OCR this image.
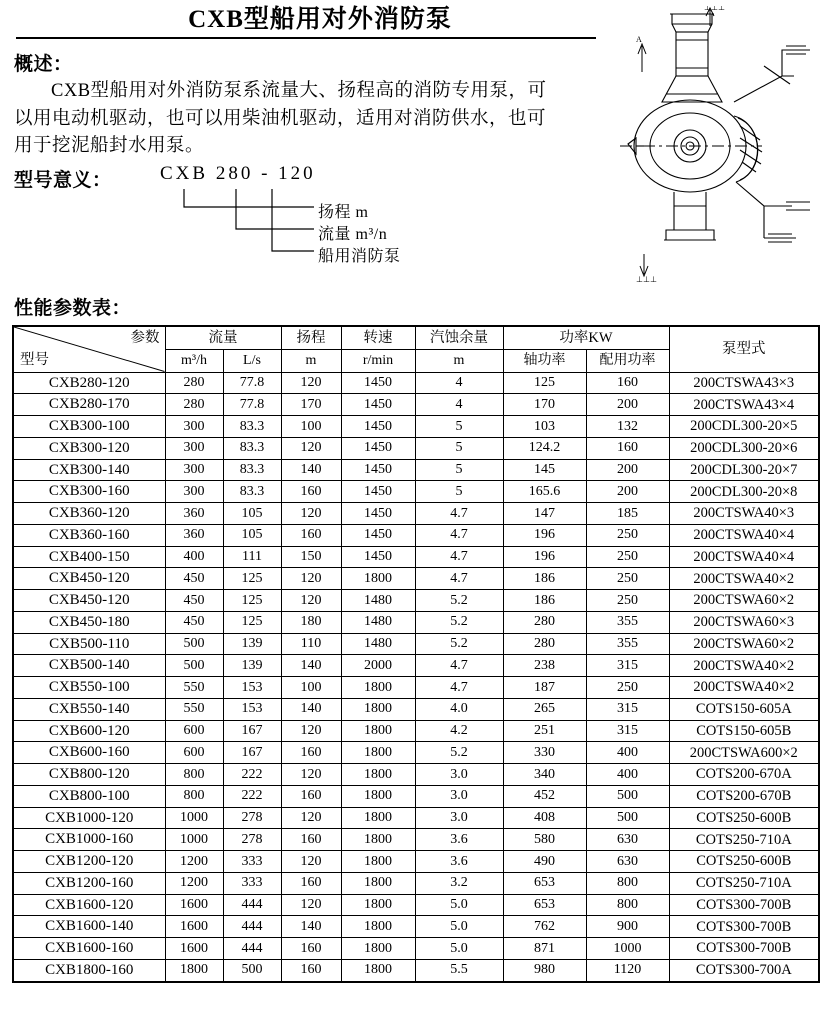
CXB型船用对外消防泵	⊥⊥⊥
A
⊥⊥⊥
概述：

CXB型船用对外消防泵系流量大、扬程高的消防专用泵，可以用电动机驱动，也可以用柴油机驱动，适用对消防供水，也可用于挖泥船封水用泵。

型号意义：	CXB 280 - 120
扬程 m
流量 m³/n
船用消防泵
性能参数表：
参数
型号	流量		扬程	转速	汽蚀余量	功率KW		泵型式
	m³/h	L/s	m	r/min	m	轴功率	配用功率	
CXB280-120	280	77.8	120	1450	4	125	160	200CTSWA43×3
CXB280-170	280	77.8	170	1450	4	170	200	200CTSWA43×4
CXB300-100	300	83.3	100	1450	5	103	132	200CDL300-20×5
CXB300-120	300	83.3	120	1450	5	124.2	160	200CDL300-20×6
CXB300-140	300	83.3	140	1450	5	145	200	200CDL300-20×7
CXB300-160	300	83.3	160	1450	5	165.6	200	200CDL300-20×8
CXB360-120	360	105	120	1450	4.7	147	185	200CTSWA40×3
CXB360-160	360	105	160	1450	4.7	196	250	200CTSWA40×4
CXB400-150	400	111	150	1450	4.7	196	250	200CTSWA40×4
CXB450-120	450	125	120	1800	4.7	186	250	200CTSWA40×2
CXB450-120	450	125	120	1480	5.2	186	250	200CTSWA60×2
CXB450-180	450	125	180	1480	5.2	280	355	200CTSWA60×3
CXB500-110	500	139	110	1480	5.2	280	355	200CTSWA60×2
CXB500-140	500	139	140	2000	4.7	238	315	200CTSWA40×2
CXB550-100	550	153	100	1800	4.7	187	250	200CTSWA40×2
CXB550-140	550	153	140	1800	4.0	265	315	COTS150-605A
CXB600-120	600	167	120	1800	4.2	251	315	COTS150-605B
CXB600-160	600	167	160	1800	5.2	330	400	200CTSWA600×2
CXB800-120	800	222	120	1800	3.0	340	400	COTS200-670A
CXB800-100	800	222	160	1800	3.0	452	500	COTS200-670B
CXB1000-120	1000	278	120	1800	3.0	408	500	COTS250-600B
CXB1000-160	1000	278	160	1800	3.6	580	630	COTS250-710A
CXB1200-120	1200	333	120	1800	3.6	490	630	COTS250-600B
CXB1200-160	1200	333	160	1800	3.2	653	800	COTS250-710A
CXB1600-120	1600	444	120	1800	5.0	653	800	COTS300-700B
CXB1600-140	1600	444	140	1800	5.0	762	900	COTS300-700B
CXB1600-160	1600	444	160	1800	5.0	871	1000	COTS300-700B
CXB1800-160	1800	500	160	1800	5.5	980	1120	COTS300-700A
